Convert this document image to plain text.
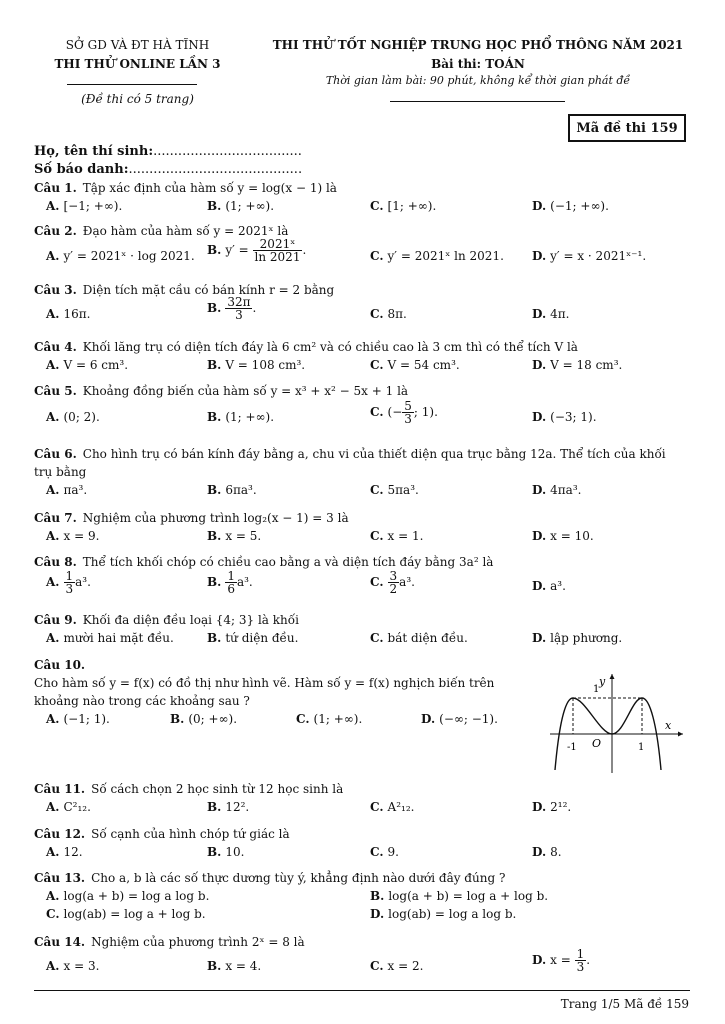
SỞ GD VÀ ĐT HÀ TĨNH
THI THỬ ONLINE LẦN 3
(Đề thi có 5 trang)
THI THỬ TỐT NGHIỆP TRUNG HỌC PHỔ THÔNG NĂM 2021
Bài thi: TOÁN
Thời gian làm bài: 90 phút, không kể thời gian phát đề
Mã đề thi 159
Họ, tên thí sinh:....................................
Số báo danh:..........................................
Câu 1. Tập xác định của hàm số y = log(x − 1) là
A. [−1; +∞).	B. (1; +∞).	C. [1; +∞).	D. (−1; +∞).
Câu 2. Đạo hàm của hàm số y = 2021ˣ là
A. y′ = 2021ˣ · log 2021. B. $y' = \frac{\text{2021ˣ}}{\ln 2021}$ .	C. y′ = 2021ˣ ln 2021. D. y′ = x · 2021ˣ⁻¹.
Câu 3. Diện tích mặt cầu có bán kính r = 2 bằng
A. 16π.	B. $\frac{32\pi}{3}$ .	C. 8π.	D. 4π.
Câu 4. Khối lăng trụ có diện tích đáy là 6 cm² và có chiều cao là 3 cm thì có thể tích V là
A. V = 6 cm³.	B. V = 108 cm³.	C. V = 54 cm³.	D. V = 18 cm³.
Câu 5. Khoảng đồng biến của hàm số y = x³ + x² − 5x + 1 là
A. (0; 2).	B. (1; +∞).	C. (− $\frac{5}{3}$ ; 1).	D. (−3; 1).
Câu 6. Cho hình trụ có bán kính đáy bằng a, chu vi của thiết diện qua trục bằng 12a. Thể tích của khối
trụ bằng
A. πa³.	B. 6πa³.	C. 5πa³.	D. 4πa³.
Câu 7. Nghiệm của phương trình log₂(x − 1) = 3 là
A. x = 9.	B. x = 5.	C. x = 1.	D. x = 10.
Câu 8. Thể tích khối chóp có chiều cao bằng a và diện tích đáy bằng 3a² là
A. $\frac{1}{3} a^3$.	B. $\frac{1}{6} a^3$.	C. $\frac{3}{2} a^3$.	D. a³.
Câu 9. Khối đa diện đều loại {4; 3} là khối
A. mười hai mặt đều.	B. tứ diện đều.	C. bát diện đều.	D. lập phương.
Câu 10.
Cho hàm số y = f(x) có đồ thị như hình vẽ. Hàm số y = f(x) nghịch biến trên
khoảng nào trong các khoảng sau ?
A. (−1; 1).	B. (0; +∞).	C. (1; +∞).	D. (−∞; −1).
y
x
O
-1	1
1
Câu 11. Số cách chọn 2 học sinh từ 12 học sinh là
A. C²₁₂.	B. 12².	C. A²₁₂.	D. 2¹².
Câu 12. Số cạnh của hình chóp tứ giác là
A. 12.	B. 10.	C. 9.	D. 8.
Câu 13. Cho a, b là các số thực dương tùy ý, khẳng định nào dưới đây đúng ?
A. log(a + b) = log a log b.	B. log(a + b) = log a + log b.
C. log(ab) = log a + log b.	D. log(ab) = log a log b.
Câu 14. Nghiệm của phương trình 2ˣ = 8 là
A. x = 3.	B. x = 4.	C. x = 2.	D. $x = \frac{1}{3}$ .
Trang 1/5 Mã đề 159
